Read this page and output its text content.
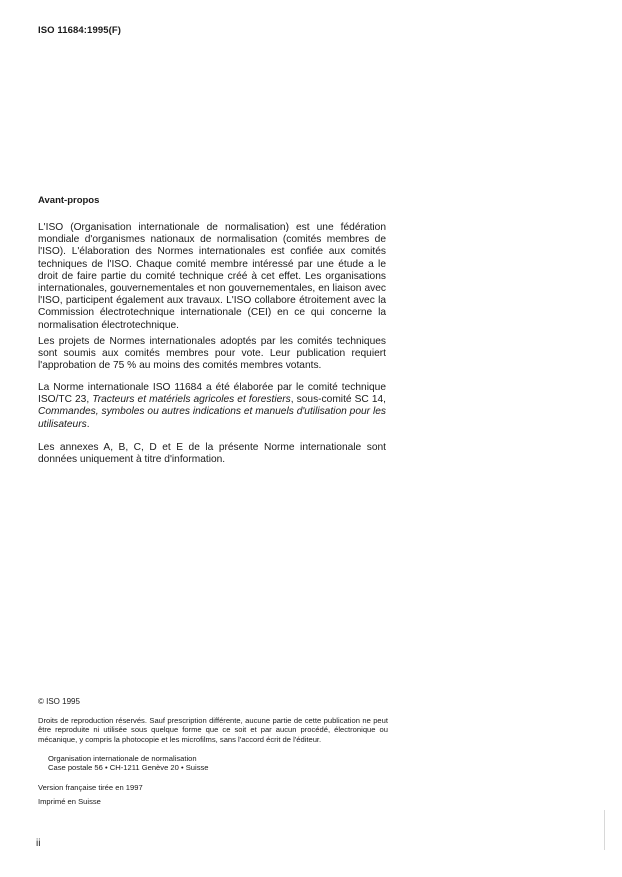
ISO 11684:1995(F)
Avant-propos

L'ISO (Organisation internationale de normalisation) est une fédération mondiale d'organismes nationaux de normalisation (comités membres de l'ISO). L'élaboration des Normes internationales est confiée aux comités techniques de l'ISO. Chaque comité membre intéressé par une étude a le droit de faire partie du comité technique créé à cet effet. Les organisations internationales, gouvernementales et non gouvernementales, en liaison avec l'ISO, participent également aux travaux. L'ISO collabore étroitement avec la Commission électrotechnique internationale (CEI) en ce qui concerne la normalisation électrotechnique.

Les projets de Normes internationales adoptés par les comités techniques sont soumis aux comités membres pour vote. Leur publication requiert l'approbation de 75 % au moins des comités membres votants.

La Norme internationale ISO 11684 a été élaborée par le comité technique ISO/TC 23, Tracteurs et matériels agricoles et forestiers, sous-comité SC 14, Commandes, symboles ou autres indications et manuels d'utilisation pour les utilisateurs.

Les annexes A, B, C, D et E de la présente Norme internationale sont données uniquement à titre d'information.

© ISO 1995

Droits de reproduction réservés. Sauf prescription différente, aucune partie de cette publication ne peut être reproduite ni utilisée sous quelque forme que ce soit et par aucun procédé, électronique ou mécanique, y compris la photocopie et les microfilms, sans l'accord écrit de l'éditeur.

Organisation internationale de normalisation
Case postale 56 • CH-1211 Genève 20 • Suisse

Version française tirée en 1997

Imprimé en Suisse

ii
